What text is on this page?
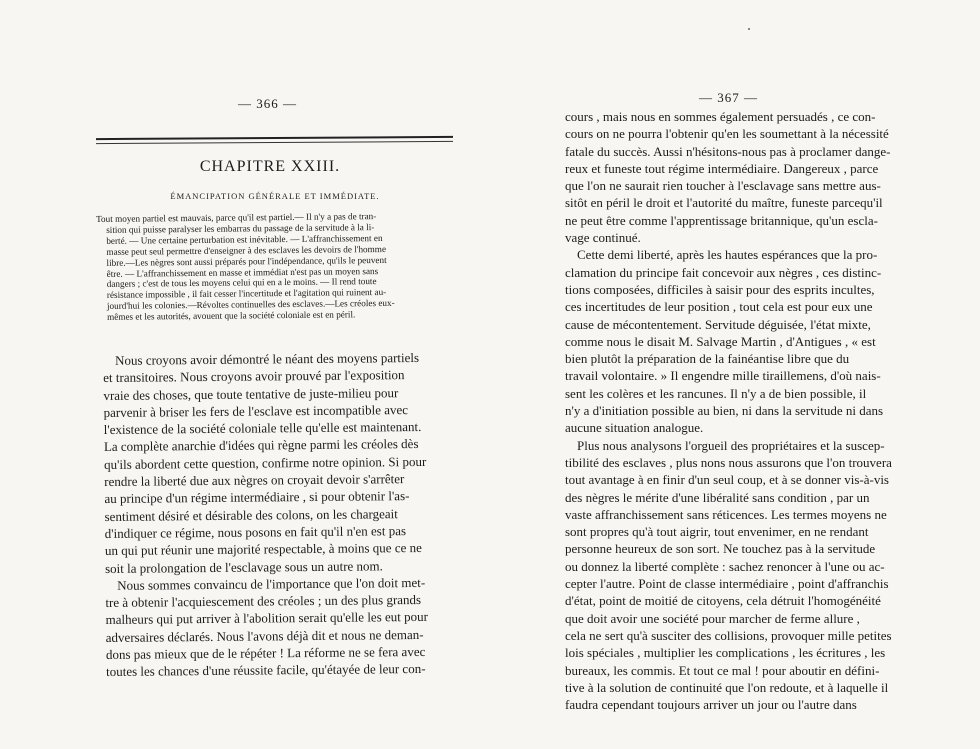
— 366 —
CHAPITRE XXIII.
ÉMANCIPATION GÉNÉRALE ET IMMÉDIATE.
Tout moyen partiel est mauvais, parce qu'il est partiel.— Il n'y a pas de tran-
sition qui puisse paralyser les embarras du passage de la servitude à la li-
berté. — Une certaine perturbation est inévitable. — L'affranchissement en
masse peut seul permettre d'enseigner à des esclaves les devoirs de l'homme
libre.—Les nègres sont aussi préparés pour l'indépendance, qu'ils le peuvent
être. — L'affranchissement en masse et immédiat n'est pas un moyen sans
dangers ; c'est de tous les moyens celui qui en a le moins. — Il rend toute
résistance impossible , il fait cesser l'incertitude et l'agitation qui ruinent au-
jourd'hui les colonies.—Révoltes continuelles des esclaves.—Les créoles eux-
mêmes et les autorités, avouent que la société coloniale est en péril.
Nous croyons avoir démontré le néant des moyens partiels
et transitoires. Nous croyons avoir prouvé par l'exposition
vraie des choses, que toute tentative de juste-milieu pour
parvenir à briser les fers de l'esclave est incompatible avec
l'existence de la société coloniale telle qu'elle est maintenant.
La complète anarchie d'idées qui règne parmi les créoles dès
qu'ils abordent cette question, confirme notre opinion. Si pour
rendre la liberté due aux nègres on croyait devoir s'arrêter
au principe d'un régime intermédiaire , si pour obtenir l'as-
sentiment désiré et désirable des colons, on les chargeait
d'indiquer ce régime, nous posons en fait qu'il n'en est pas
un qui put réunir une majorité respectable, à moins que ce ne
soit la prolongation de l'esclavage sous un autre nom.
Nous sommes convaincu de l'importance que l'on doit met-
tre à obtenir l'acquiescement des créoles ; un des plus grands
malheurs qui put arriver à l'abolition serait qu'elle les eut pour
adversaires déclarés. Nous l'avons déjà dit et nous ne deman-
dons pas mieux que de le répéter ! La réforme ne se fera avec
toutes les chances d'une réussite facile, qu'étayée de leur con-
— 367 —
cours , mais nous en sommes également persuadés , ce con-
cours on ne pourra l'obtenir qu'en les soumettant à la nécessité
fatale du succès. Aussi n'hésitons-nous pas à proclamer dange-
reux et funeste tout régime intermédiaire. Dangereux , parce
que l'on ne saurait rien toucher à l'esclavage sans mettre aus-
sitôt en péril le droit et l'autorité du maître, funeste parcequ'il
ne peut être comme l'apprentissage britannique, qu'un escla-
vage continué.
Cette demi liberté, après les hautes espérances que la pro-
clamation du principe fait concevoir aux nègres , ces distinc-
tions composées, difficiles à saisir pour des esprits incultes,
ces incertitudes de leur position , tout cela est pour eux une
cause de mécontentement. Servitude déguisée, l'état mixte,
comme nous le disait M. Salvage Martin , d'Antigues , « est
bien plutôt la préparation de la fainéantise libre que du
travail volontaire. » Il engendre mille tiraillemens, d'où nais-
sent les colères et les rancunes. Il n'y a de bien possible, il
n'y a d'initiation possible au bien, ni dans la servitude ni dans
aucune situation analogue.
Plus nous analysons l'orgueil des propriétaires et la suscep-
tibilité des esclaves , plus nons nous assurons que l'on trouvera
tout avantage à en finir d'un seul coup, et à se donner vis-à-vis
des nègres le mérite d'une libéralité sans condition , par un
vaste affranchissement sans réticences. Les termes moyens ne
sont propres qu'à tout aigrir, tout envenimer, en ne rendant
personne heureux de son sort. Ne touchez pas à la servitude
ou donnez la liberté complète : sachez renoncer à l'une ou ac-
cepter l'autre. Point de classe intermédiaire , point d'affranchis
d'état, point de moitié de citoyens, cela détruit l'homogénéité
que doit avoir une société pour marcher de ferme allure ,
cela ne sert qu'à susciter des collisions, provoquer mille petites
lois spéciales , multiplier les complications , les écritures , les
bureaux, les commis. Et tout ce mal ! pour aboutir en défini-
tive à la solution de continuité que l'on redoute, et à laquelle il
faudra cependant toujours arriver un jour ou l'autre dans
